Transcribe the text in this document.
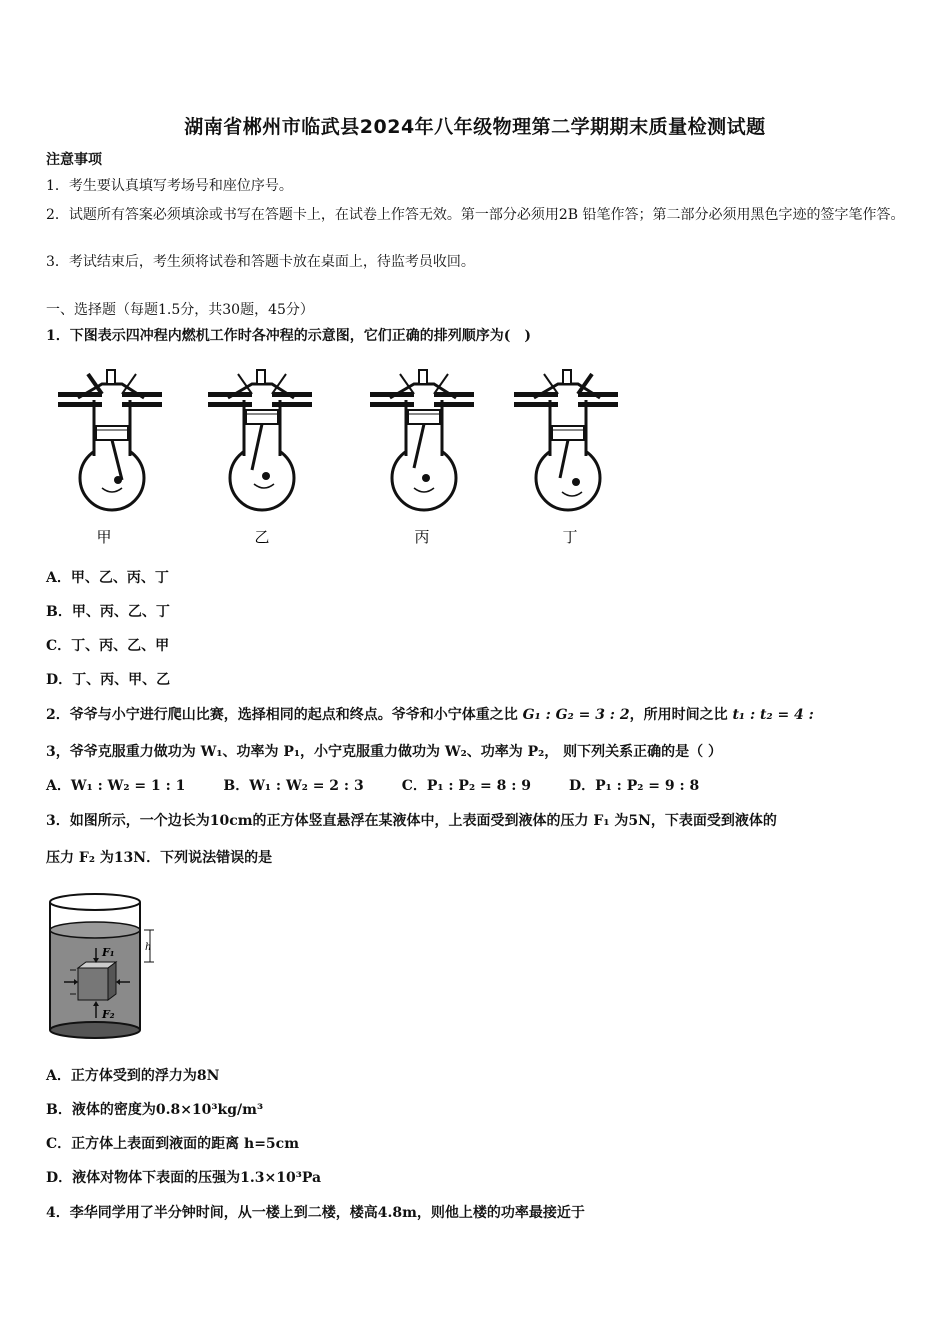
湖南省郴州市临武县2024年八年级物理第二学期期末质量检测试题
注意事项
1．考生要认真填写考场号和座位序号。
2．试题所有答案必须填涂或书写在答题卡上，在试卷上作答无效。第一部分必须用2B 铅笔作答；第二部分必须用黑色字迹的签字笔作答。
3．考试结束后，考生须将试卷和答题卡放在桌面上，待监考员收回。
一、选择题（每题1.5分，共30题，45分）
1．下图表示四冲程内燃机工作时各冲程的示意图，它们正确的排列顺序为(　)
甲	乙	丙	丁
A．甲、乙、丙、丁
B．甲、丙、乙、丁
C．丁、丙、乙、甲
D．丁、丙、甲、乙
2．爷爷与小宁进行爬山比赛，选择相同的起点和终点。爷爷和小宁体重之比 G₁ : G₂ = 3 : 2，所用时间之比 t₁ : t₂ = 4 :
3，爷爷克服重力做功为 W₁、功率为 P₁，小宁克服重力做功为 W₂、功率为 P₂， 则下列关系正确的是（ ）
A．W₁ : W₂ = 1 : 1	B．W₁ : W₂ = 2 : 3	C．P₁ : P₂ = 8 : 9	D．P₁ : P₂ = 9 : 8
3．如图所示，一个边长为10cm的正方体竖直悬浮在某液体中，上表面受到液体的压力 F₁ 为5N，下表面受到液体的
压力 F₂ 为13N．下列说法错误的是
F₁
F₂
h
A．正方体受到的浮力为8N
B．液体的密度为0.8×10³kg/m³
C．正方体上表面到液面的距离 h=5cm
D．液体对物体下表面的压强为1.3×10³Pa
4．李华同学用了半分钟时间，从一楼上到二楼，楼高4.8m，则他上楼的功率最接近于
